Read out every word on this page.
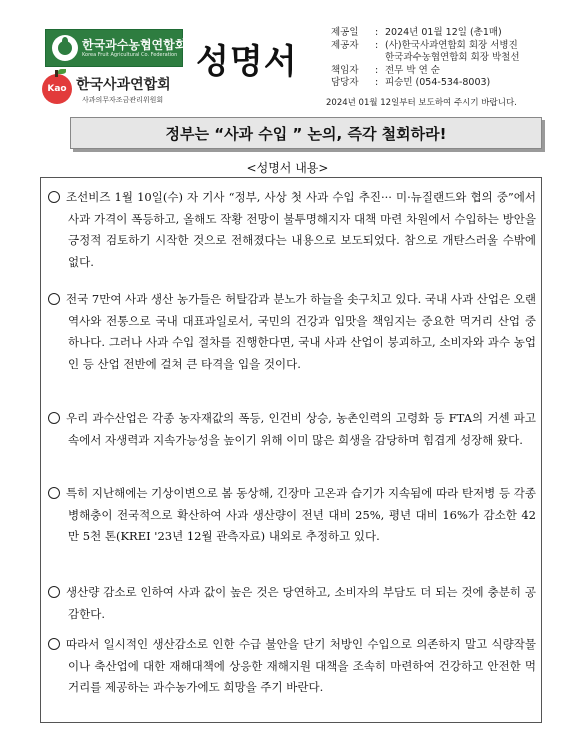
한국과수농협연합회
Korea Fruit Agricultural Co. Federation
Kao 한국사과연합회
사과의무자조금관리위원회
성명서
제공일	: 2024년 01월 12일 (총1매)
제공자	: (사)한국사과연합회 회장 서병진
한국과수농협연합회 회장 박철선
책임자	: 전무 박 연 순
담당자	: 피승민 (054-534-8003)
2024년 01월 12일부터 보도하여 주시기 바랍니다.
정부는 “사과 수입 ” 논의, 즉각 철회하라!
<성명서 내용>

조선비즈 1월 10일(수) 자 기사 “정부, 사상 첫 사과 수입 추진··· 미·뉴질랜드와 협의 중”에서 사과 가격이 폭등하고, 올해도 작황 전망이 불투명해지자 대책 마련 차원에서 수입하는 방안을 긍정적 검토하기 시작한 것으로 전해졌다는 내용으로 보도되었다. 참으로 개탄스러울 수밖에 없다.

전국 7만여 사과 생산 농가들은 허탈감과 분노가 하늘을 솟구치고 있다. 국내 사과 산업은 오랜 역사와 전통으로 국내 대표과일로서, 국민의 건강과 입맛을 책임지는 중요한 먹거리 산업 중 하나다. 그러나 사과 수입 절차를 진행한다면, 국내 사과 산업이 붕괴하고, 소비자와 과수 농업인 등 산업 전반에 걸쳐 큰 타격을 입을 것이다.

우리 과수산업은 각종 농자재값의 폭등, 인건비 상승, 농촌인력의 고령화 등 FTA의 거센 파고 속에서 자생력과 지속가능성을 높이기 위해 이미 많은 희생을 감당하며 힘겹게 성장해 왔다.

특히 지난해에는 기상이변으로 봄 동상해, 긴장마 고온과 습기가 지속됨에 따라 탄저병 등 각종 병해충이 전국적으로 확산하여 사과 생산량이 전년 대비 25%, 평년 대비 16%가 감소한 42만 5천 톤(KREI '23년 12월 관측자료) 내외로 추정하고 있다.

생산량 감소로 인하여 사과 값이 높은 것은 당연하고, 소비자의 부담도 더 되는 것에 충분히 공감한다.

따라서 일시적인 생산감소로 인한 수급 불안을 단기 처방인 수입으로 의존하지 말고 식량작물이나 축산업에 대한 재해대책에 상응한 재해지원 대책을 조속히 마련하여 건강하고 안전한 먹거리를 제공하는 과수농가에도 희망을 주기 바란다.
